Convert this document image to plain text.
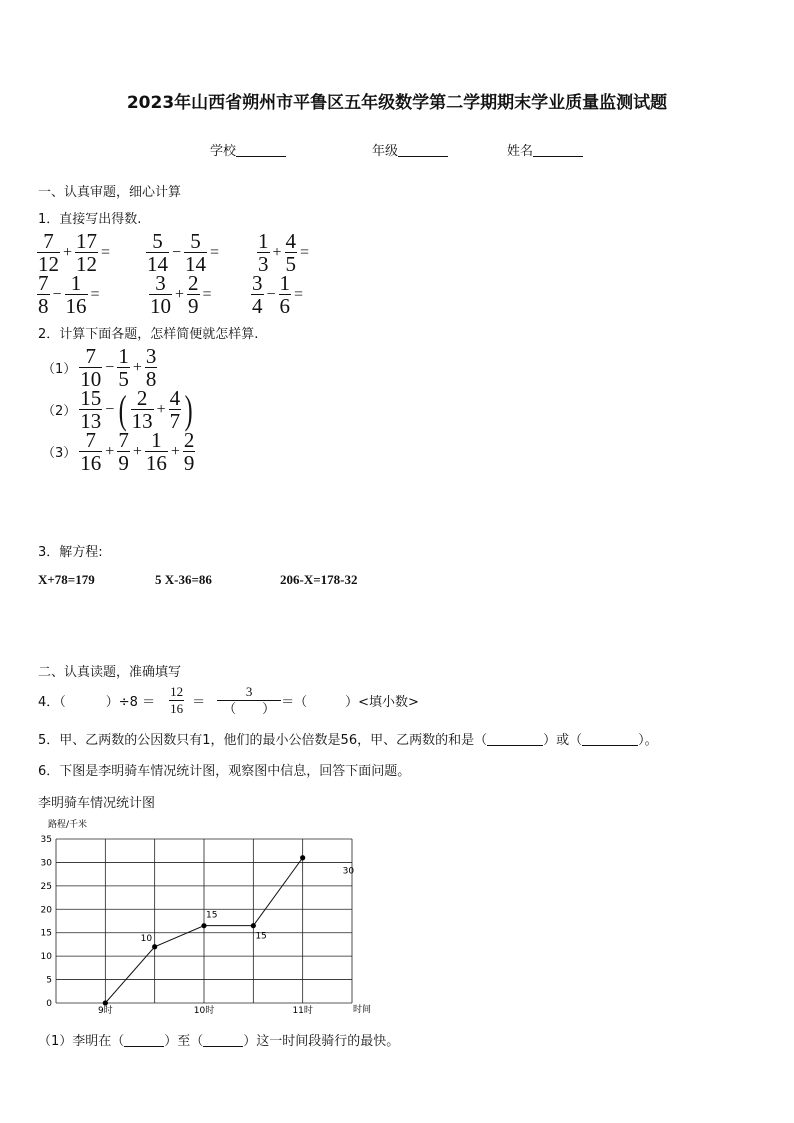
2023年山西省朔州市平鲁区五年级数学第二学期期末学业质量监测试题
学校	年级	姓名
一、认真审题，细心计算
1．直接写出得数.
$\frac{7}{12} + \frac{17}{12} = \frac{5}{14} - \frac{5}{14} = \frac{1}{3} + \frac{4}{5}$ =
$\frac{7}{8} - \frac{1}{16} = \frac{3}{10} + \frac{2}{9} = \frac{3}{4} - \frac{1}{6}$ =
2．计算下面各题，怎样简便就怎样算.
$(1) \frac{7}{10} - \frac{1}{5} + \frac{3}{8}$
$(2) \frac{15}{13}$ − ( $\frac{2}{13} + \frac{4}{7}$ )
$(3) \frac{7}{16} + \frac{7}{9} + \frac{1}{16} + \frac{2}{9}$
3．解方程:
X+78=179	5 X-36=86	206-X=178-32
二、认真读题，准确填写
4．（	）$\div 8 = \frac{12}{16} = \frac{3}{( )}$ ＝（	）<填小数>
5．甲、乙两数的公因数只有1，他们的最小公倍数是56，甲、乙两数的和是（	）或（	）。
6．下图是李明骑车情况统计图，观察图中信息，回答下面问题。
李明骑车情况统计图
路程/千米
时间
0
5
10
15
20
25
30
35
9时	10时	11时
10
15
15
30
（1）李明在（	）至（	）这一时间段骑行的最快。
